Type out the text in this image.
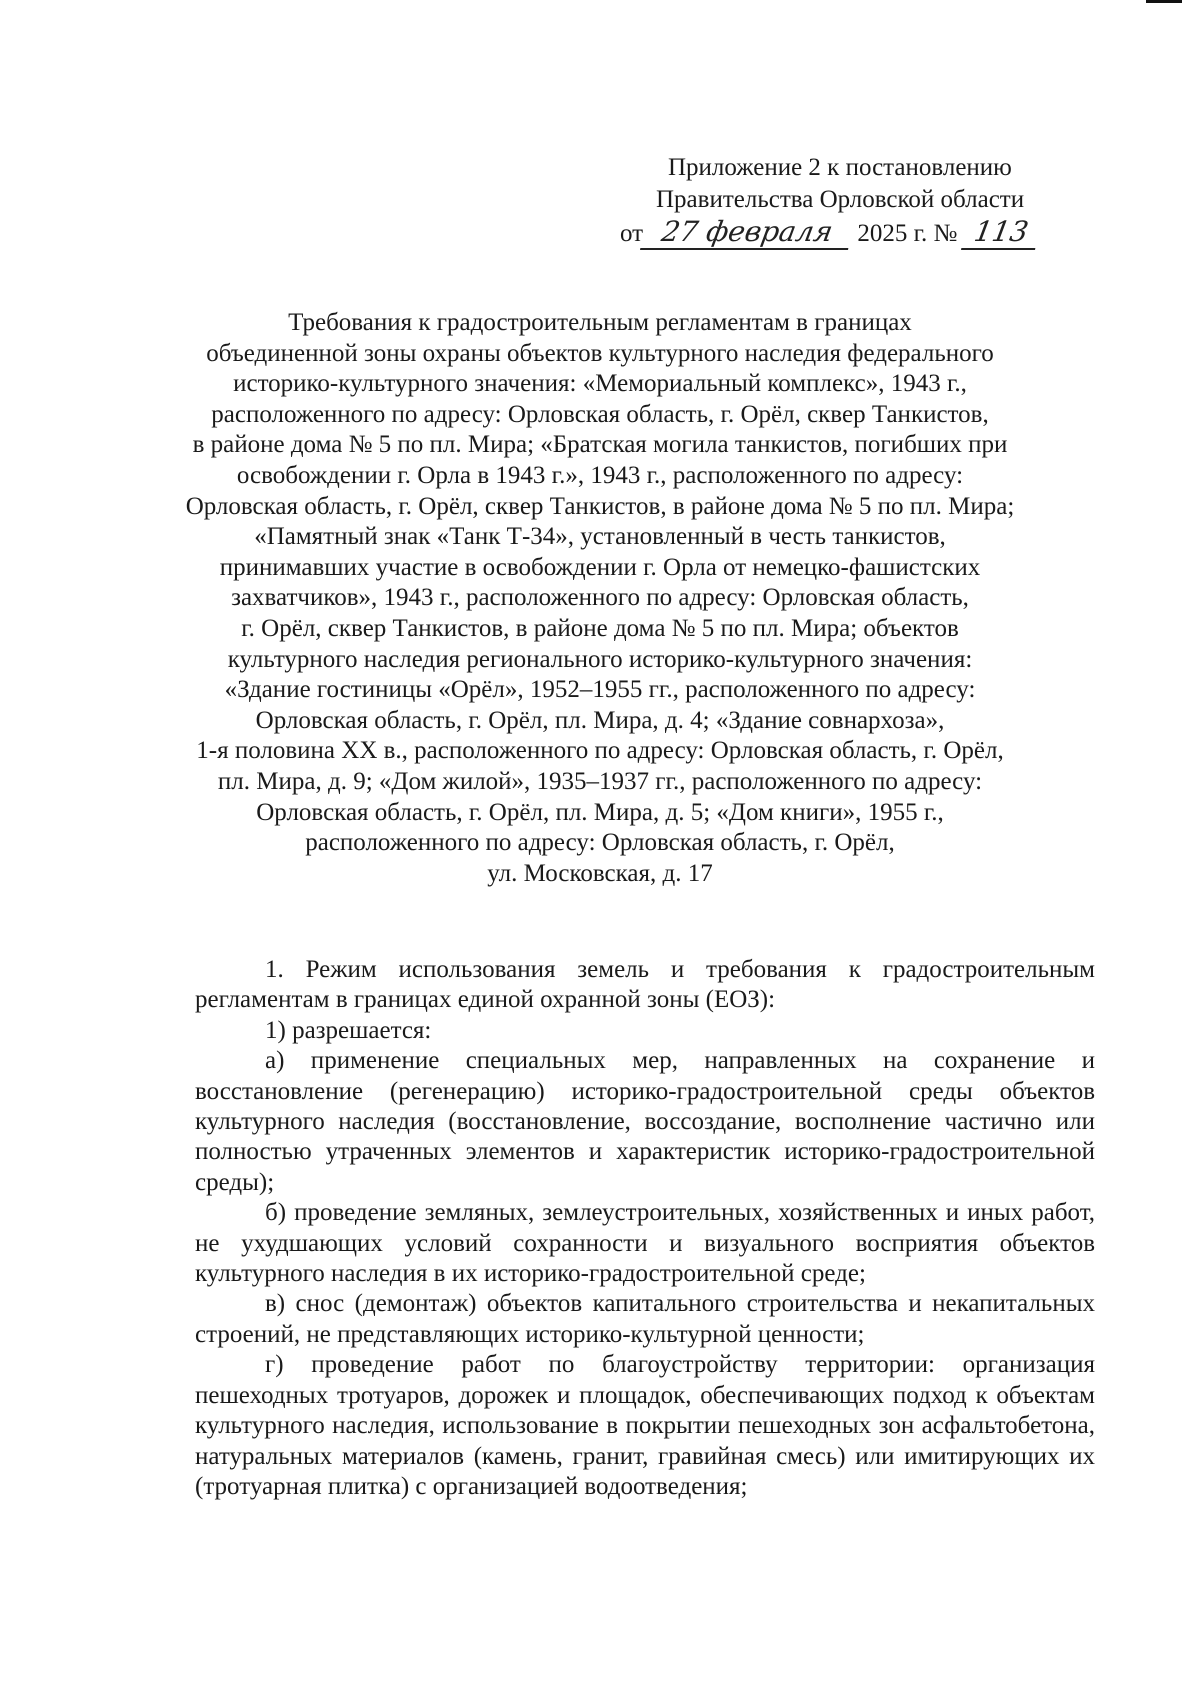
Приложение 2 к постановлению
Правительства Орловской области
от 27 февраля 2025 г. № 113
Требования к градостроительным регламентам в границах
объединенной зоны охраны объектов культурного наследия федерального
историко-культурного значения: «Мемориальный комплекс», 1943 г.,
расположенного по адресу: Орловская область, г. Орёл, сквер Танкистов,
в районе дома № 5 по пл. Мира; «Братская могила танкистов, погибших при
освобождении г. Орла в 1943 г.», 1943 г., расположенного по адресу:
Орловская область, г. Орёл, сквер Танкистов, в районе дома № 5 по пл. Мира;
«Памятный знак «Танк Т-34», установленный в честь танкистов,
принимавших участие в освобождении г. Орла от немецко-фашистских
захватчиков», 1943 г., расположенного по адресу: Орловская область,
г. Орёл, сквер Танкистов, в районе дома № 5 по пл. Мира; объектов
культурного наследия регионального историко-культурного значения:
«Здание гостиницы «Орёл», 1952–1955 гг., расположенного по адресу:
Орловская область, г. Орёл, пл. Мира, д. 4; «Здание совнархоза»,
1-я половина XX в., расположенного по адресу: Орловская область, г. Орёл,
пл. Мира, д. 9; «Дом жилой», 1935–1937 гг., расположенного по адресу:
Орловская область, г. Орёл, пл. Мира, д. 5; «Дом книги», 1955 г.,
расположенного по адресу: Орловская область, г. Орёл,
ул. Московская, д. 17

1. Режим использования земель и требования к градостроительным регламентам в границах единой охранной зоны (ЕОЗ):

1) разрешается:

а) применение специальных мер, направленных на сохранение и восстановление (регенерацию) историко-градостроительной среды объектов культурного наследия (восстановление, воссоздание, восполнение частично или полностью утраченных элементов и характеристик историко-градостроительной среды);

б) проведение земляных, землеустроительных, хозяйственных и иных работ, не ухудшающих условий сохранности и визуального восприятия объектов культурного наследия в их историко-градостроительной среде;

в) снос (демонтаж) объектов капитального строительства и некапитальных строений, не представляющих историко-культурной ценности;

г) проведение работ по благоустройству территории: организация пешеходных тротуаров, дорожек и площадок, обеспечивающих подход к объектам культурного наследия, использование в покрытии пешеходных зон асфальтобетона, натуральных материалов (камень, гранит, гравийная смесь) или имитирующих их (тротуарная плитка) с организацией водоотведения;
